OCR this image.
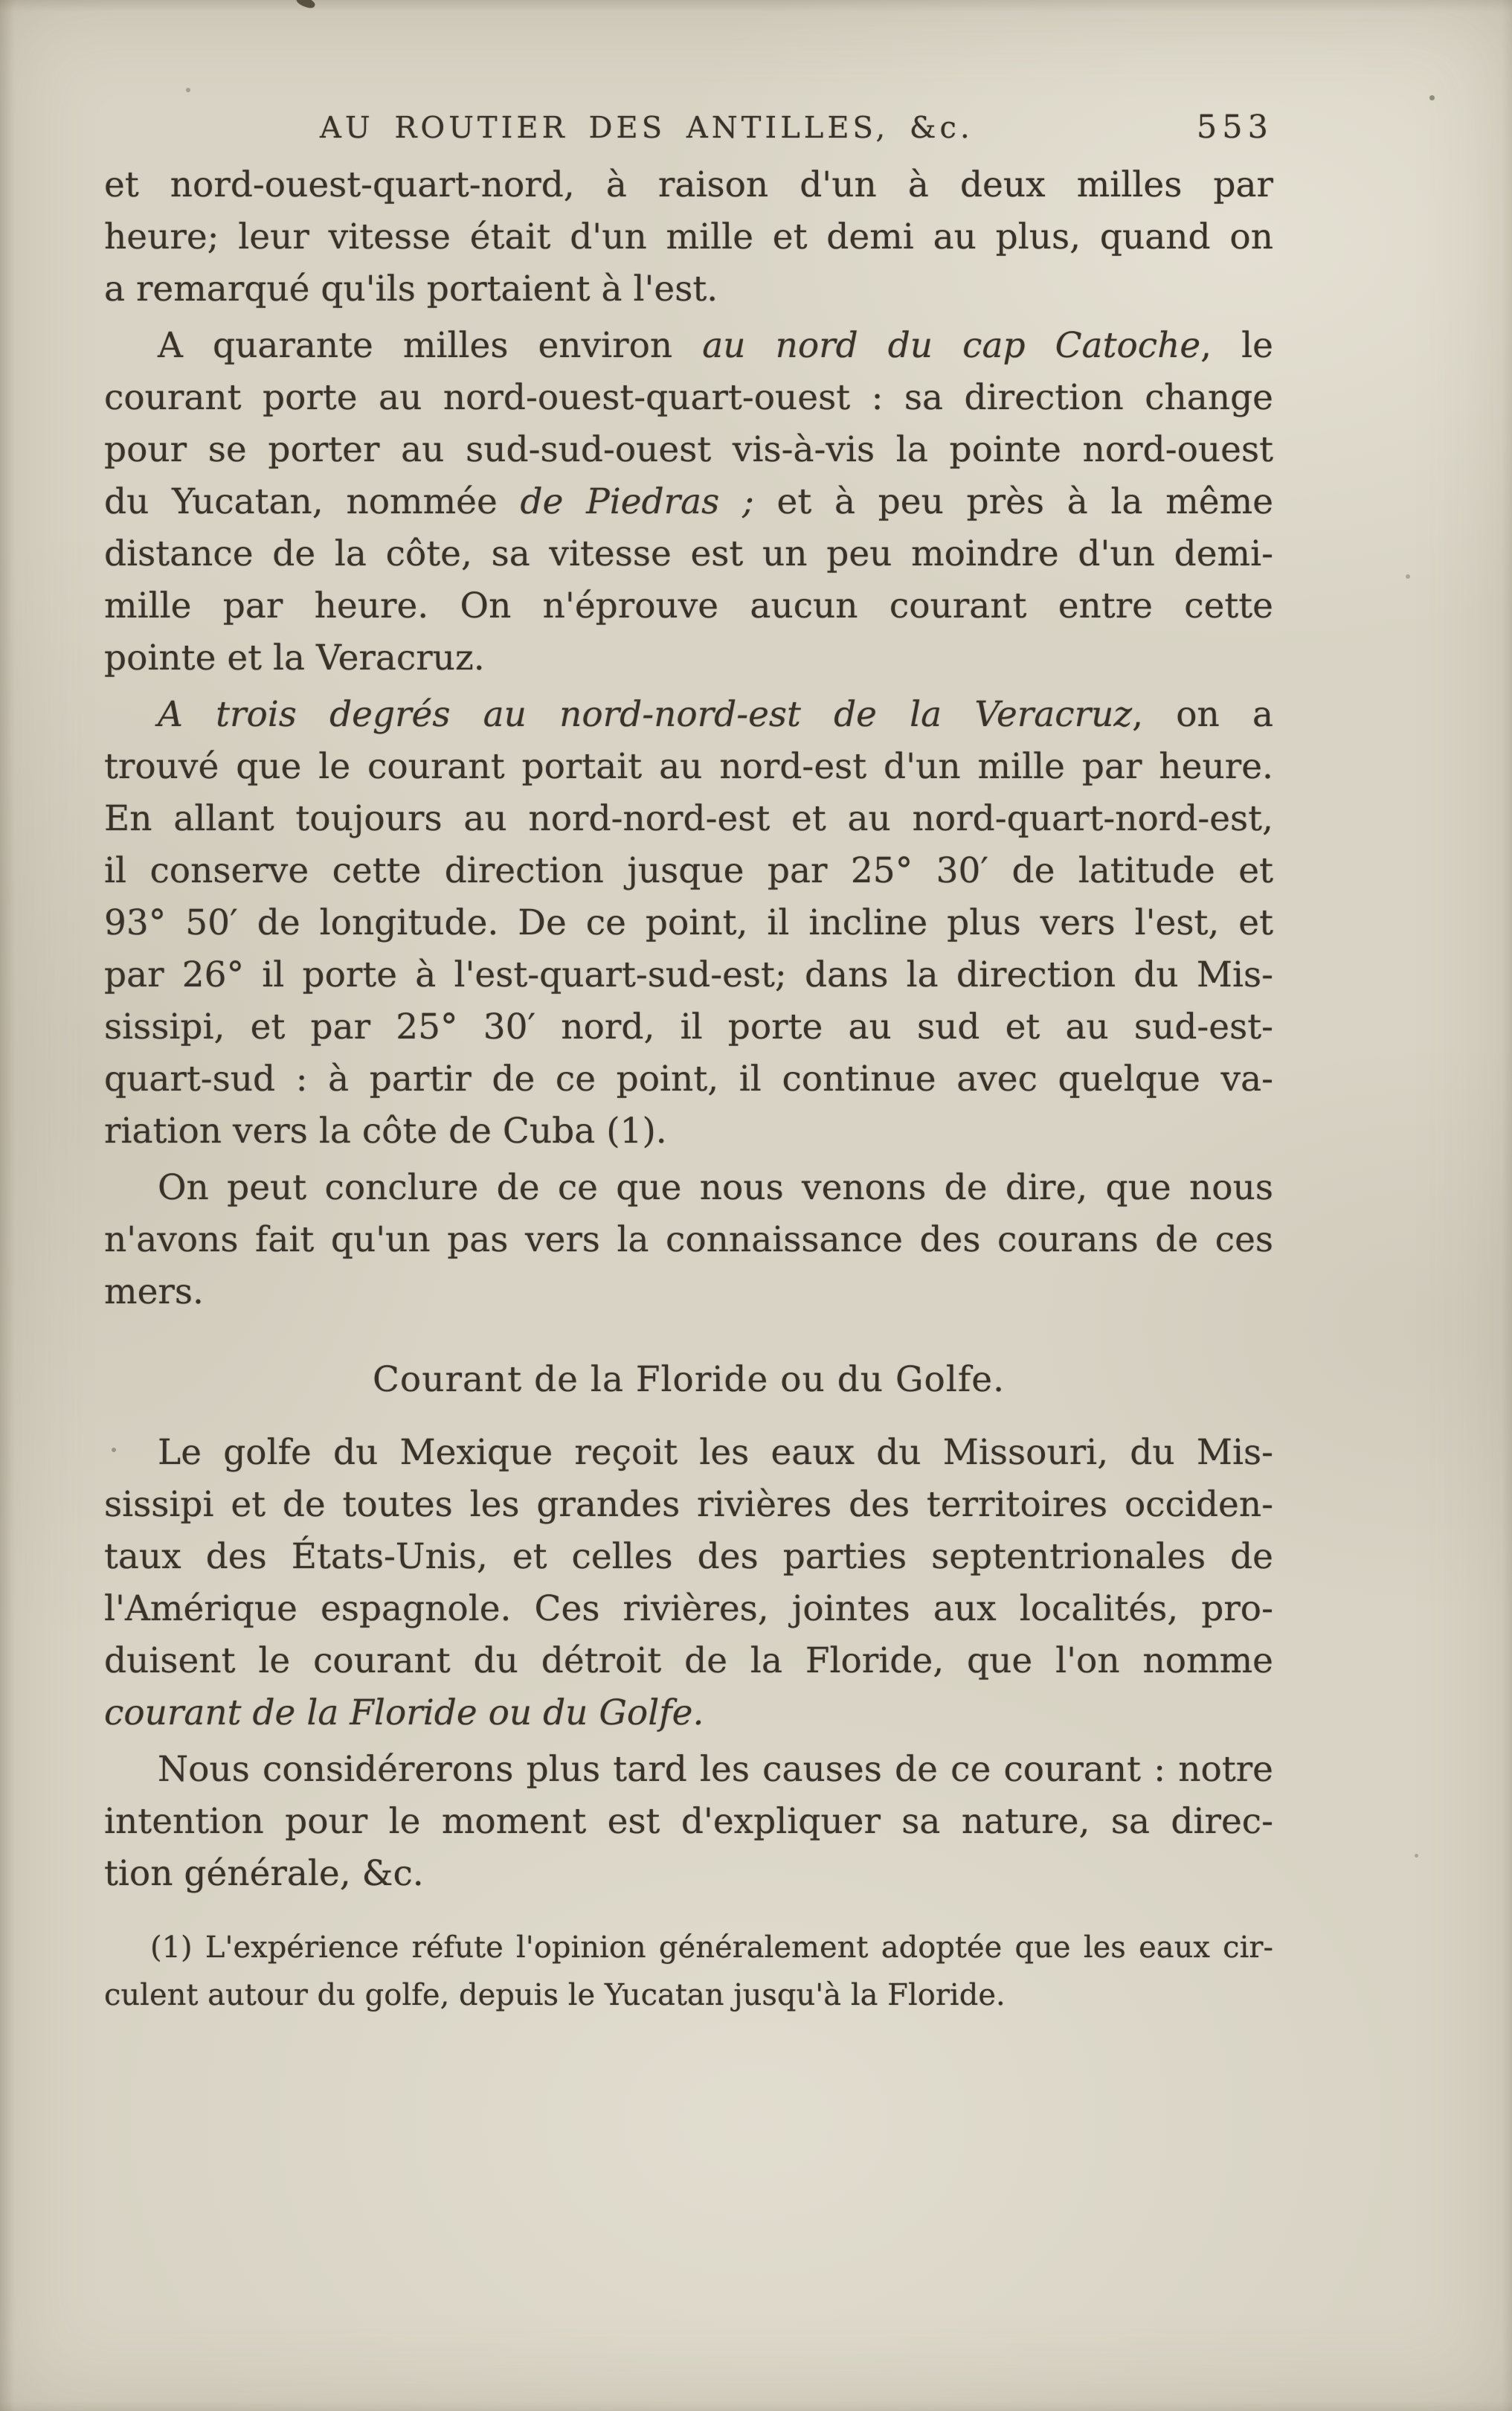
AU ROUTIER DES ANTILLES, &c.	553
et nord-ouest-quart-nord, à raison d'un à deux milles par
heure; leur vitesse était d'un mille et demi au plus, quand on
a remarqué qu'ils portaient à l'est.
A quarante milles environ au nord du cap Catoche, le
courant porte au nord-ouest-quart-ouest : sa direction change
pour se porter au sud-sud-ouest vis-à-vis la pointe nord-ouest
du Yucatan, nommée de Piedras ; et à peu près à la même
distance de la côte, sa vitesse est un peu moindre d'un demi-
mille par heure. On n'éprouve aucun courant entre cette
pointe et la Veracruz.
A trois degrés au nord-nord-est de la Veracruz, on a
trouvé que le courant portait au nord-est d'un mille par heure.
En allant toujours au nord-nord-est et au nord-quart-nord-est,
il conserve cette direction jusque par 25° 30′ de latitude et
93° 50′ de longitude. De ce point, il incline plus vers l'est, et
par 26° il porte à l'est-quart-sud-est; dans la direction du Mis-
sissipi, et par 25° 30′ nord, il porte au sud et au sud-est-
quart-sud : à partir de ce point, il continue avec quelque va-
riation vers la côte de Cuba (1).
On peut conclure de ce que nous venons de dire, que nous
n'avons fait qu'un pas vers la connaissance des courans de ces
mers.
Courant de la Floride ou du Golfe.
Le golfe du Mexique reçoit les eaux du Missouri, du Mis-
sissipi et de toutes les grandes rivières des territoires occiden-
taux des États-Unis, et celles des parties septentrionales de
l'Amérique espagnole. Ces rivières, jointes aux localités, pro-
duisent le courant du détroit de la Floride, que l'on nomme
courant de la Floride ou du Golfe.
Nous considérerons plus tard les causes de ce courant : notre
intention pour le moment est d'expliquer sa nature, sa direc-
tion générale, &c.
(1) L'expérience réfute l'opinion généralement adoptée que les eaux cir-
culent autour du golfe, depuis le Yucatan jusqu'à la Floride.
